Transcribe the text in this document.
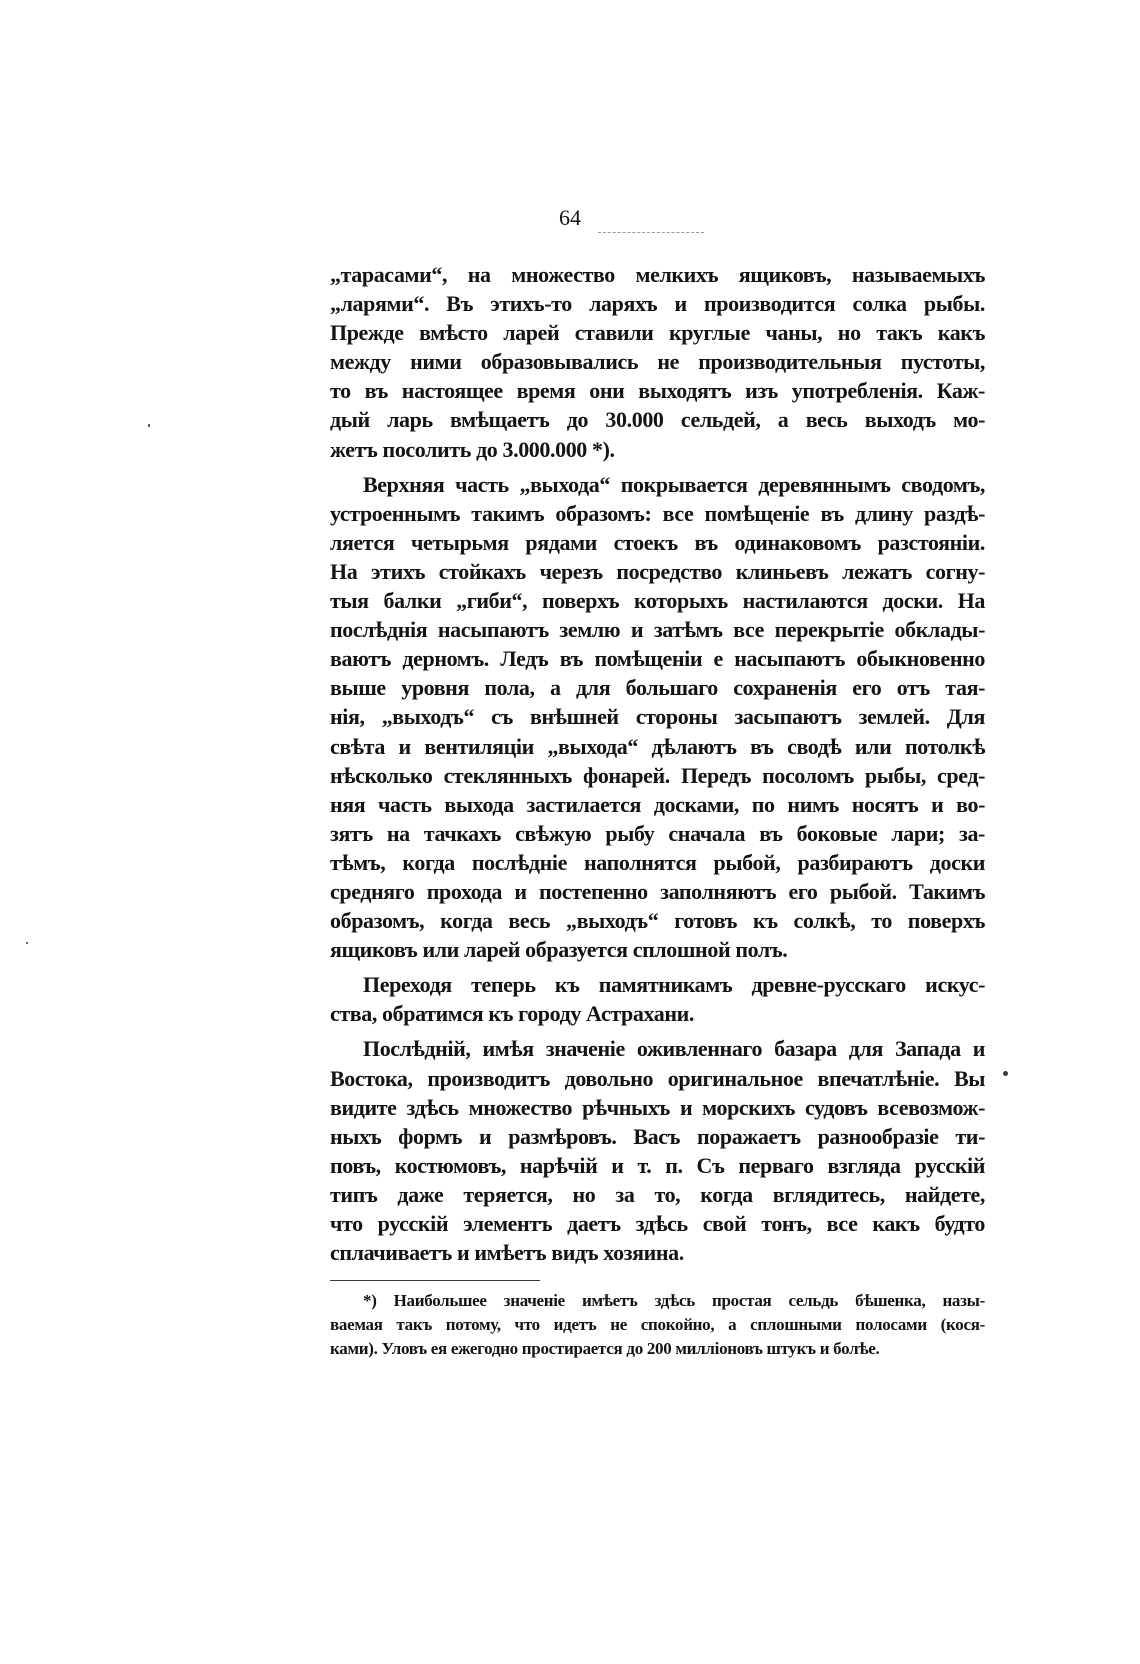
64
„тарасами“, на множество мелкихъ ящиковъ, называемыхъ
„ларями“. Въ этихъ-то ларяхъ и производится солка рыбы.
Прежде вмѣсто ларей ставили круглые чаны, но такъ какъ
между ними образовывались не производительныя пустоты,
то въ настоящее время они выходятъ изъ употребленія. Каж-
дый ларь вмѣщаетъ до 30.000 сельдей, а весь выходъ мо-
жетъ посолить до 3.000.000 *).
Верхняя часть „выхода“ покрывается деревяннымъ сводомъ,
устроеннымъ такимъ образомъ: все помѣщеніе въ длину раздѣ-
ляется четырьмя рядами стоекъ въ одинаковомъ разстояніи.
На этихъ стойкахъ черезъ посредство клиньевъ лежатъ согну-
тыя балки „гиби“, поверхъ которыхъ настилаются доски. На
послѣднія насыпаютъ землю и затѣмъ все перекрытіе обклады-
ваютъ дерномъ. Ледъ въ помѣщеніи е насыпаютъ обыкновенно
выше уровня пола, а для большаго сохраненія его отъ тая-
нія, „выходъ“ съ внѣшней стороны засыпаютъ землей. Для
свѣта и вентиляціи „выхода“ дѣлаютъ въ сводѣ или потолкѣ
нѣсколько стеклянныхъ фонарей. Передъ посоломъ рыбы, сред-
няя часть выхода застилается досками, по нимъ носятъ и во-
зятъ на тачкахъ свѣжую рыбу сначала въ боковые лари; за-
тѣмъ, когда послѣдніе наполнятся рыбой, разбираютъ доски
средняго прохода и постепенно заполняютъ его рыбой. Такимъ
образомъ, когда весь „выходъ“ готовъ къ солкѣ, то поверхъ
ящиковъ или ларей образуется сплошной полъ.
Переходя теперь къ памятникамъ древне-русскаго искус-
ства, обратимся къ городу Астрахани.
Послѣдній, имѣя значеніе оживленнаго базара для Запада и
Востока, производитъ довольно оригинальное впечатлѣніе. Вы
видите здѣсь множество рѣчныхъ и морскихъ судовъ всевозмож-
ныхъ формъ и размѣровъ. Васъ поражаетъ разнообразіе ти-
повъ, костюмовъ, нарѣчій и т. п. Съ перваго взгляда русскій
типъ даже теряется, но за то, когда вглядитесь, найдете,
что русскій элементъ даетъ здѣсь свой тонъ, все какъ будто
сплачиваетъ и имѣетъ видъ хозяина.
*) Наибольшее значеніе имѣетъ здѣсь простая сельдь бѣшенка, назы-
ваемая такъ потому, что идетъ не спокойно, а сплошными полосами (кося-
ками). Уловъ ея ежегодно простирается до 200 милліоновъ штукъ и болѣе.
